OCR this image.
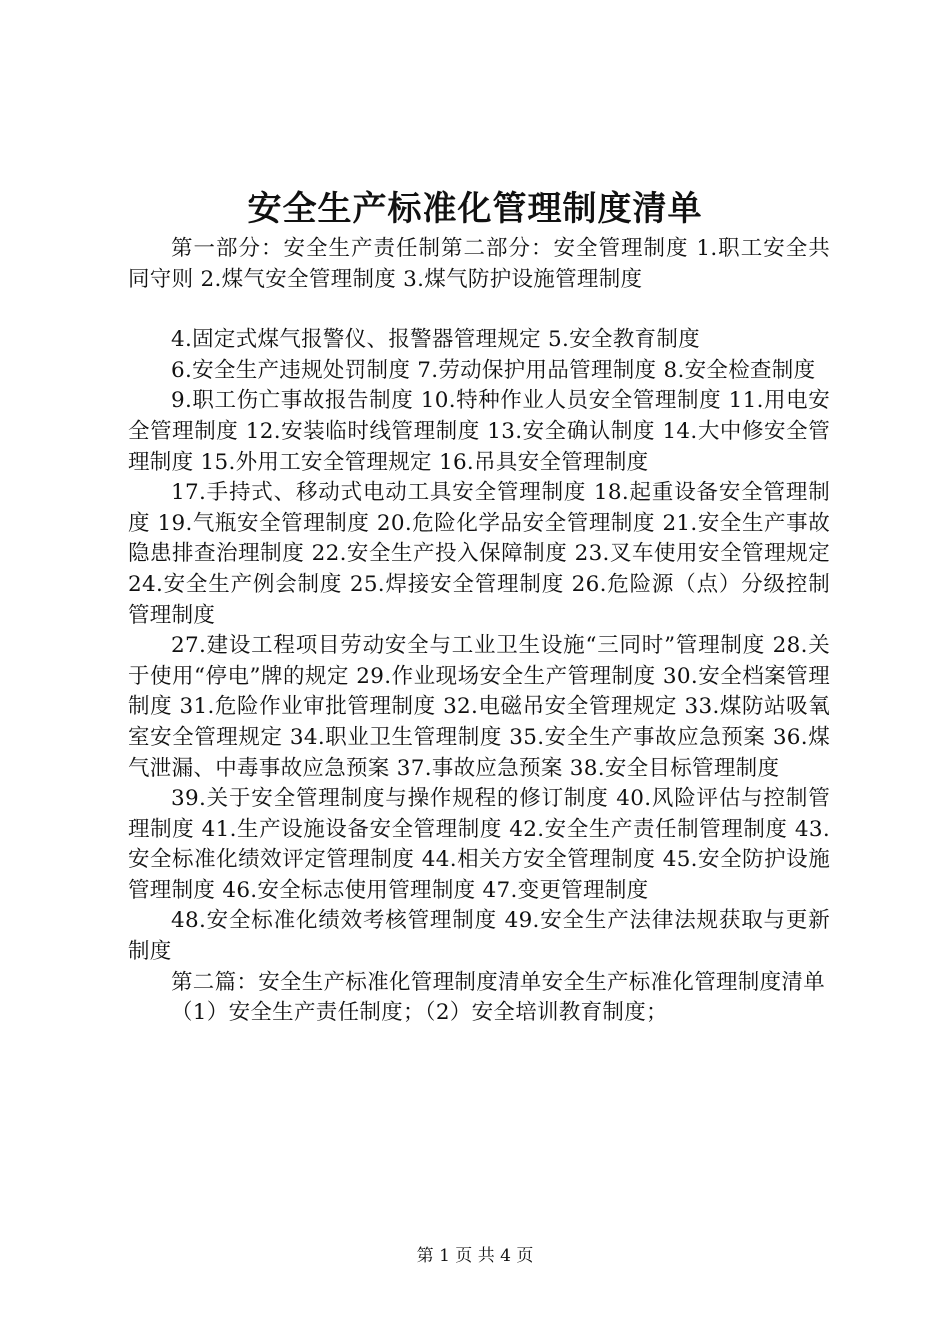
安全生产标准化管理制度清单

第一部分：安全生产责任制第二部分：安全管理制度 1.职工安全共同守则 2.煤气安全管理制度 3.煤气防护设施管理制度

4.固定式煤气报警仪、报警器管理规定 5.安全教育制度

6.安全生产违规处罚制度 7.劳动保护用品管理制度 8.安全检查制度

9.职工伤亡事故报告制度 10.特种作业人员安全管理制度 11.用电安全管理制度 12.安装临时线管理制度 13.安全确认制度 14.大中修安全管理制度 15.外用工安全管理规定 16.吊具安全管理制度

17.手持式、移动式电动工具安全管理制度 18.起重设备安全管理制度 19.气瓶安全管理制度 20.危险化学品安全管理制度 21.安全生产事故隐患排查治理制度 22.安全生产投入保障制度 23.叉车使用安全管理规定 24.安全生产例会制度 25.焊接安全管理制度 26.危险源（点）分级控制管理制度

27.建设工程项目劳动安全与工业卫生设施“三同时”管理制度 28.关于使用“停电”牌的规定 29.作业现场安全生产管理制度 30.安全档案管理制度 31.危险作业审批管理制度 32.电磁吊安全管理规定 33.煤防站吸氧室安全管理规定 34.职业卫生管理制度 35.安全生产事故应急预案 36.煤气泄漏、中毒事故应急预案 37.事故应急预案 38.安全目标管理制度

39.关于安全管理制度与操作规程的修订制度 40.风险评估与控制管理制度 41.生产设施设备安全管理制度 42.安全生产责任制管理制度 43.安全标准化绩效评定管理制度 44.相关方安全管理制度 45.安全防护设施管理制度 46.安全标志使用管理制度 47.变更管理制度

48.安全标准化绩效考核管理制度 49.安全生产法律法规获取与更新制度

第二篇：安全生产标准化管理制度清单安全生产标准化管理制度清单

（1）安全生产责任制度；（2）安全培训教育制度；

第 1 页 共 4 页
